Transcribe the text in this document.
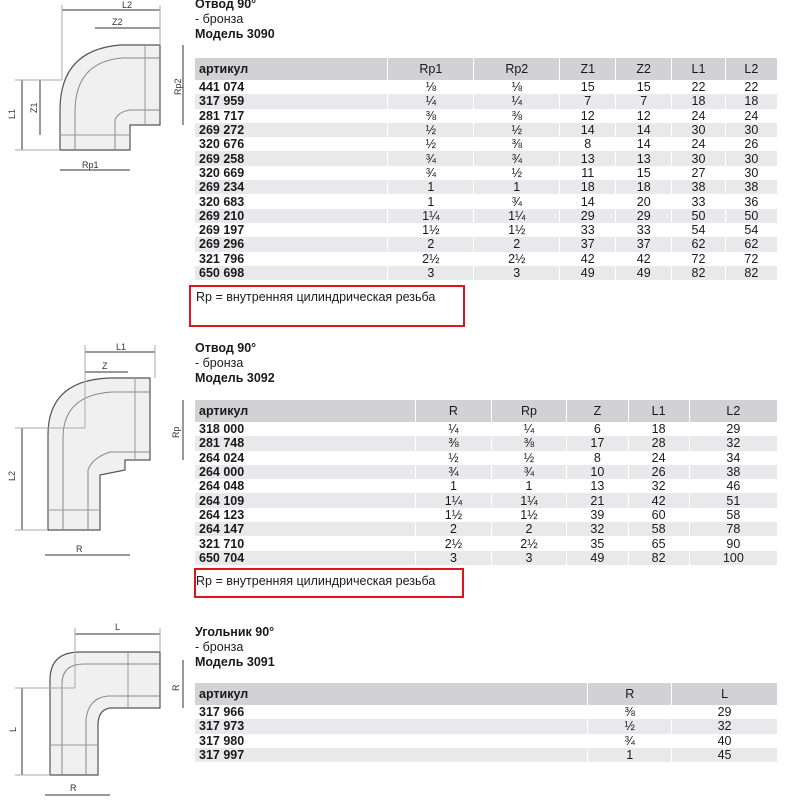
L2
Z2
L1
Z1
Rp2
Rp1
Отвод 90°
- бронза
Модель 3090
артикул	Rp1	Rp2	Z1	Z2	L1	L2
441 074	⅛	⅛	15	15	22	22
317 959	¼	¼	7	7	18	18
281 717	⅜	⅜	12	12	24	24
269 272	½	½	14	14	30	30
320 676	½	⅜	8	14	24	26
269 258	¾	¾	13	13	30	30
320 669	¾	½	11	15	27	30
269 234	1	1	18	18	38	38
320 683	1	¾	14	20	33	36
269 210	1¼	1¼	29	29	50	50
269 197	1½	1½	33	33	54	54
269 296	2	2	37	37	62	62
321 796	2½	2½	42	42	72	72
650 698	3	3	49	49	82	82
Rp = внутренняя цилиндрическая резьба
L1
Z
Rp
L2
R
Отвод 90°
- бронза
Модель 3092
артикул	R	Rp	Z	L1	L2
318 000	¼	¼	6	18	29
281 748	⅜	⅜	17	28	32
264 024	½	½	8	24	34
264 000	¾	¾	10	26	38
264 048	1	1	13	32	46
264 109	1¼	1¼	21	42	51
264 123	1½	1½	39	60	58
264 147	2	2	32	58	78
321 710	2½	2½	35	65	90
650 704	3	3	49	82	100
Rp = внутренняя цилиндрическая резьба
L
R
L
R
Угольник 90°
- бронза
Модель 3091
артикул	R	L
317 966	⅜	29
317 973	½	32
317 980	¾	40
317 997	1	45
